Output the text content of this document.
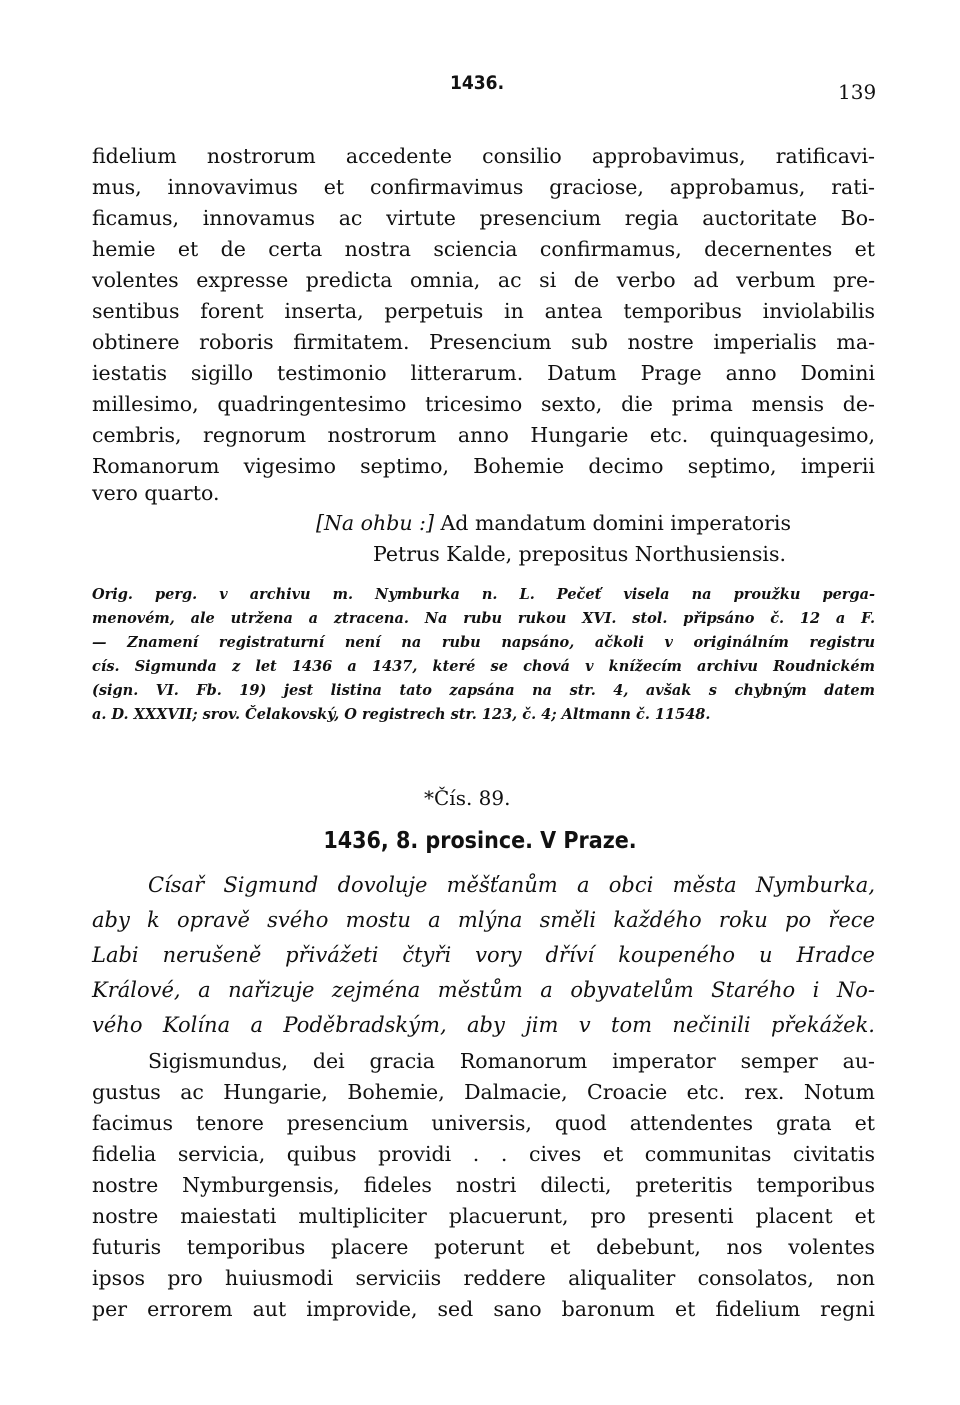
1436.	139
fidelium nostrorum accedente consilio approbavimus, ratificavi-
mus, innovavimus et confirmavimus graciose, approbamus, rati-
ficamus, innovamus ac virtute presencium regia auctoritate Bo-
hemie et de certa nostra sciencia confirmamus, decernentes et
volentes expresse predicta omnia, ac si de verbo ad verbum pre-
sentibus forent inserta, perpetuis in antea temporibus inviolabilis
obtinere roboris firmitatem. Presencium sub nostre imperialis ma-
iestatis sigillo testimonio litterarum. Datum Prage anno Domini
millesimo, quadringentesimo tricesimo sexto, die prima mensis de-
cembris, regnorum nostrorum anno Hungarie etc. quinquagesimo,
Romanorum vigesimo septimo, Bohemie decimo septimo, imperii
vero quarto.
[Na ohbu :] Ad mandatum domini imperatoris
Petrus Kalde, prepositus Northusiensis.
Orig. perg. v archivu m. Nymburka n. L. Pečeť visela na proužku perga-
menovém, ale utržena a ztracena. Na rubu rukou XVI. stol. připsáno č. 12 a F.
— Znamení registraturní není na rubu napsáno, ačkoli v originálním registru
cís. Sigmunda z let 1436 a 1437, které se chová v knížecím archivu Roudnickém
(sign. VI. Fb. 19) jest listina tato zapsána na str. 4, avšak s chybným datem
a. D. XXXVII; srov. Čelakovský, O registrech str. 123, č. 4; Altmann č. 11548.
*Čís. 89.
1436, 8. prosince. V Praze.
Císař Sigmund dovoluje měšťanům a obci města Nymburka,
aby k opravě svého mostu a mlýna směli každého roku po řece
Labi nerušeně přivážeti čtyři vory dříví koupeného u Hradce
Králové, a nařizuje zejména městům a obyvatelům Starého i No-
vého Kolína a Poděbradským, aby jim v tom nečinili překážek.
Sigismundus, dei gracia Romanorum imperator semper au-
gustus ac Hungarie, Bohemie, Dalmacie, Croacie etc. rex. Notum
facimus tenore presencium universis, quod attendentes grata et
fidelia servicia, quibus providi . . cives et communitas civitatis
nostre Nymburgensis, fideles nostri dilecti, preteritis temporibus
nostre maiestati multipliciter placuerunt, pro presenti placent et
futuris temporibus placere poterunt et debebunt, nos volentes
ipsos pro huiusmodi serviciis reddere aliqualiter consolatos, non
per errorem aut improvide, sed sano baronum et fidelium regni
